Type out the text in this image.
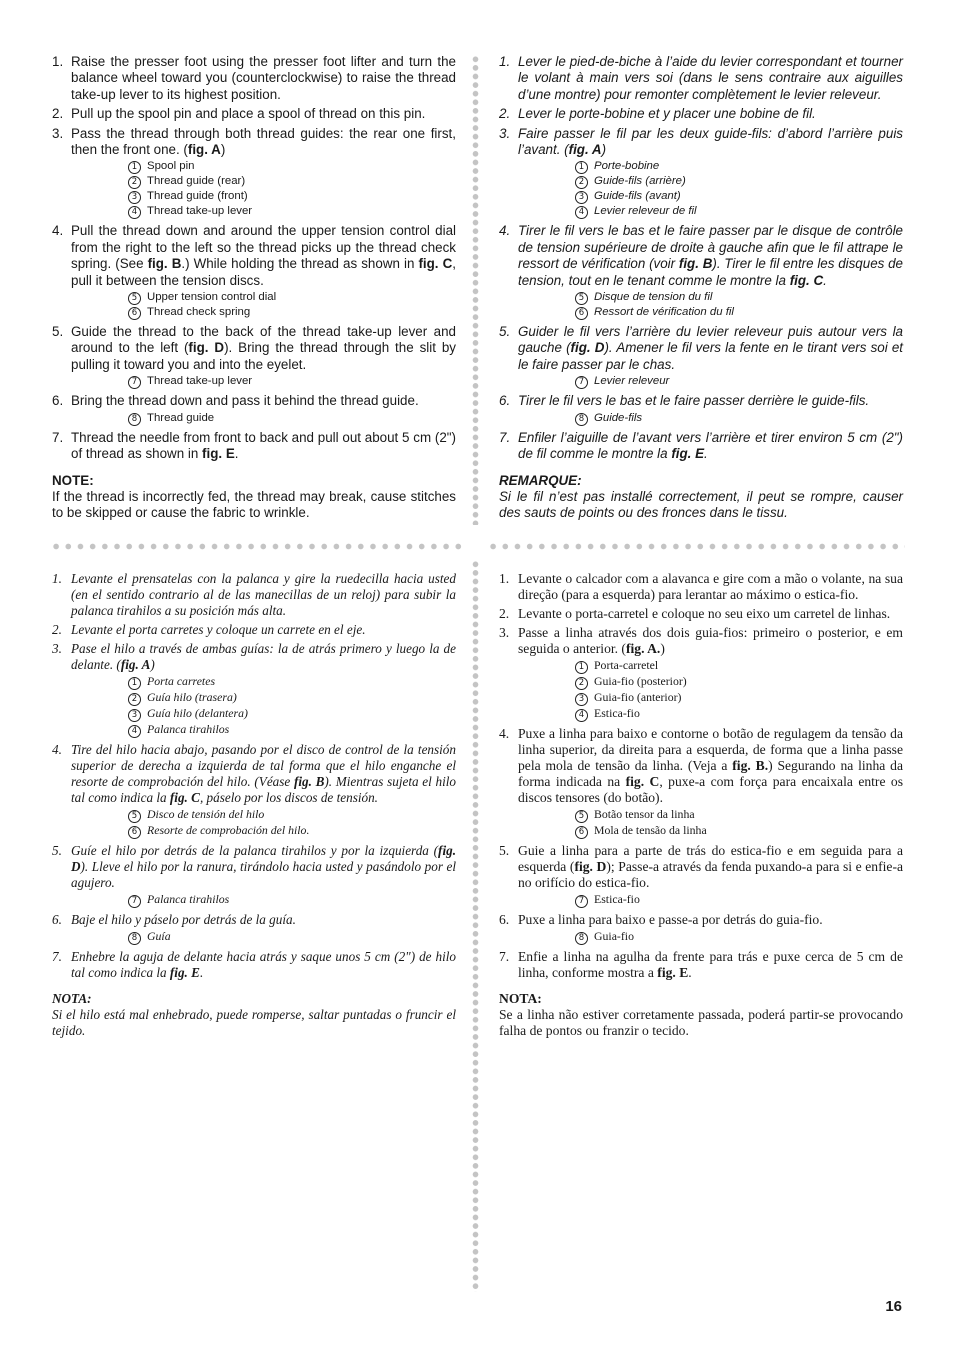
1. Raise the presser foot using the presser foot lifter and turn the balance wheel toward you (counterclockwise) to raise the thread take-up lever to its highest position.
2. Pull up the spool pin and place a spool of thread on this pin.
3. Pass the thread through both thread guides: the rear one first, then the front one. (fig. A)
1 Spool pin
2 Thread guide (rear)
3 Thread guide (front)
4 Thread take-up lever
4. Pull the thread down and around the upper tension control dial from the right to the left so the thread picks up the thread check spring. (See fig. B.) While holding the thread as shown in fig. C, pull it between the tension discs.
5 Upper tension control dial
6 Thread check spring
5. Guide the thread to the back of the thread take-up lever and around to the left (fig. D). Bring the thread through the slit by pulling it toward you and into the eyelet.
7 Thread take-up lever
6. Bring the thread down and pass it behind the thread guide.
8 Thread guide
7. Thread the needle from front to back and pull out about 5 cm (2") of thread as shown in fig. E.
NOTE:
If the thread is incorrectly fed, the thread may break, cause stitches to be skipped or cause the fabric to wrinkle.
1. Lever le pied-de-biche à l’aide du levier correspondant et tourner le volant à main vers soi (dans le sens contraire aux aiguilles d’une montre) pour remonter complètement le levier releveur.
2. Lever le porte-bobine et y placer une bobine de fil.
3. Faire passer le fil par les deux guide-fils: d’abord l’arrière puis l’avant. (fig. A)
1 Porte-bobine
2 Guide-fils (arrière)
3 Guide-fils (avant)
4 Levier releveur de fil
4. Tirer le fil vers le bas et le faire passer par le disque de contrôle de tension supérieure de droite à gauche afin que le fil attrape le ressort de vérification (voir fig. B). Tirer le fil entre les disques de tension, tout en le tenant comme le montre la fig. C.
5 Disque de tension du fil
6 Ressort de vérification du fil
5. Guider le fil vers l’arrière du levier releveur puis autour vers la gauche (fig. D). Amener le fil vers la fente en le tirant vers soi et le faire passer par le chas.
7 Levier releveur
6. Tirer le fil vers le bas et le faire passer derrière le guide-fils.
8 Guide-fils
7. Enfiler l’aiguille de l’avant vers l’arrière et tirer environ 5 cm (2") de fil comme le montre la fig. E.
REMARQUE:
Si le fil n’est pas installé correctement, il peut se rompre, causer des sauts de points ou des fronces dans le tissu.
1. Levante el prensatelas con la palanca y gire la ruedecilla hacia usted (en el sentido contrario al de las manecillas de un reloj) para subir la palanca tirahilos a su posición más alta.
2. Levante el porta carretes y coloque un carrete en el eje.
3. Pase el hilo a través de ambas guías: la de atrás primero y luego la de delante. (fig. A)
1 Porta carretes
2 Guía hilo (trasera)
3 Guía hilo (delantera)
4 Palanca tirahilos
4. Tire del hilo hacia abajo, pasando por el disco de control de la tensión superior de derecha a izquierda de tal forma que el hilo enganche el resorte de comprobación del hilo. (Véase fig. B). Mientras sujeta el hilo tal como indica la fig. C, páselo por los discos de tensión.
5 Disco de tensión del hilo
6 Resorte de comprobación del hilo.
5. Guíe el hilo por detrás de la palanca tirahilos y por la izquierda (fig. D). Lleve el hilo por la ranura, tirándolo hacia usted y pasándolo por el agujero.
7 Palanca tirahilos
6. Baje el hilo y páselo por detrás de la guía.
8 Guía
7. Enhebre la aguja de delante hacia atrás y saque unos 5 cm (2") de hilo tal como indica la fig. E.
NOTA:
Si el hilo está mal enhebrado, puede romperse, saltar puntadas o fruncir el tejido.
1. Levante o calcador com a alavanca e gire com a mão o volante, na sua direção (para a esquerda) para lerantar ao máximo o estica-fio.
2. Levante o porta-carretel e coloque no seu eixo um carretel de linhas.
3. Passe a linha através dos dois guia-fios: primeiro o posterior, e em seguida o anterior. (fig. A.)
1 Porta-carretel
2 Guia-fio (posterior)
3 Guia-fio (anterior)
4 Estica-fio
4. Puxe a linha para baixo e contorne o botão de regulagem da tensão da linha superior, da direita para a esquerda, de forma que a linha passe pela mola de tensão da linha. (Veja a fig. B.) Segurando na linha da forma indicada na fig. C, puxe-a com força para encaixala entre os discos tensores (do botão).
5 Botão tensor da linha
6 Mola de tensão da linha
5. Guie a linha para a parte de trás do estica-fio e em seguida para a esquerda (fig. D); Passe-a através da fenda puxando-a para si e enfie-a no orifício do estica-fio.
7 Estica-fio
6. Puxe a linha para baixo e passe-a por detrás do guia-fio.
8 Guia-fio
7. Enfie a linha na agulha da frente para trás e puxe cerca de 5 cm de linha, conforme mostra a fig. E.
NOTA:
Se a linha não estiver corretamente passada, poderá partir-se provocando falha de pontos ou franzir o tecido.
16
